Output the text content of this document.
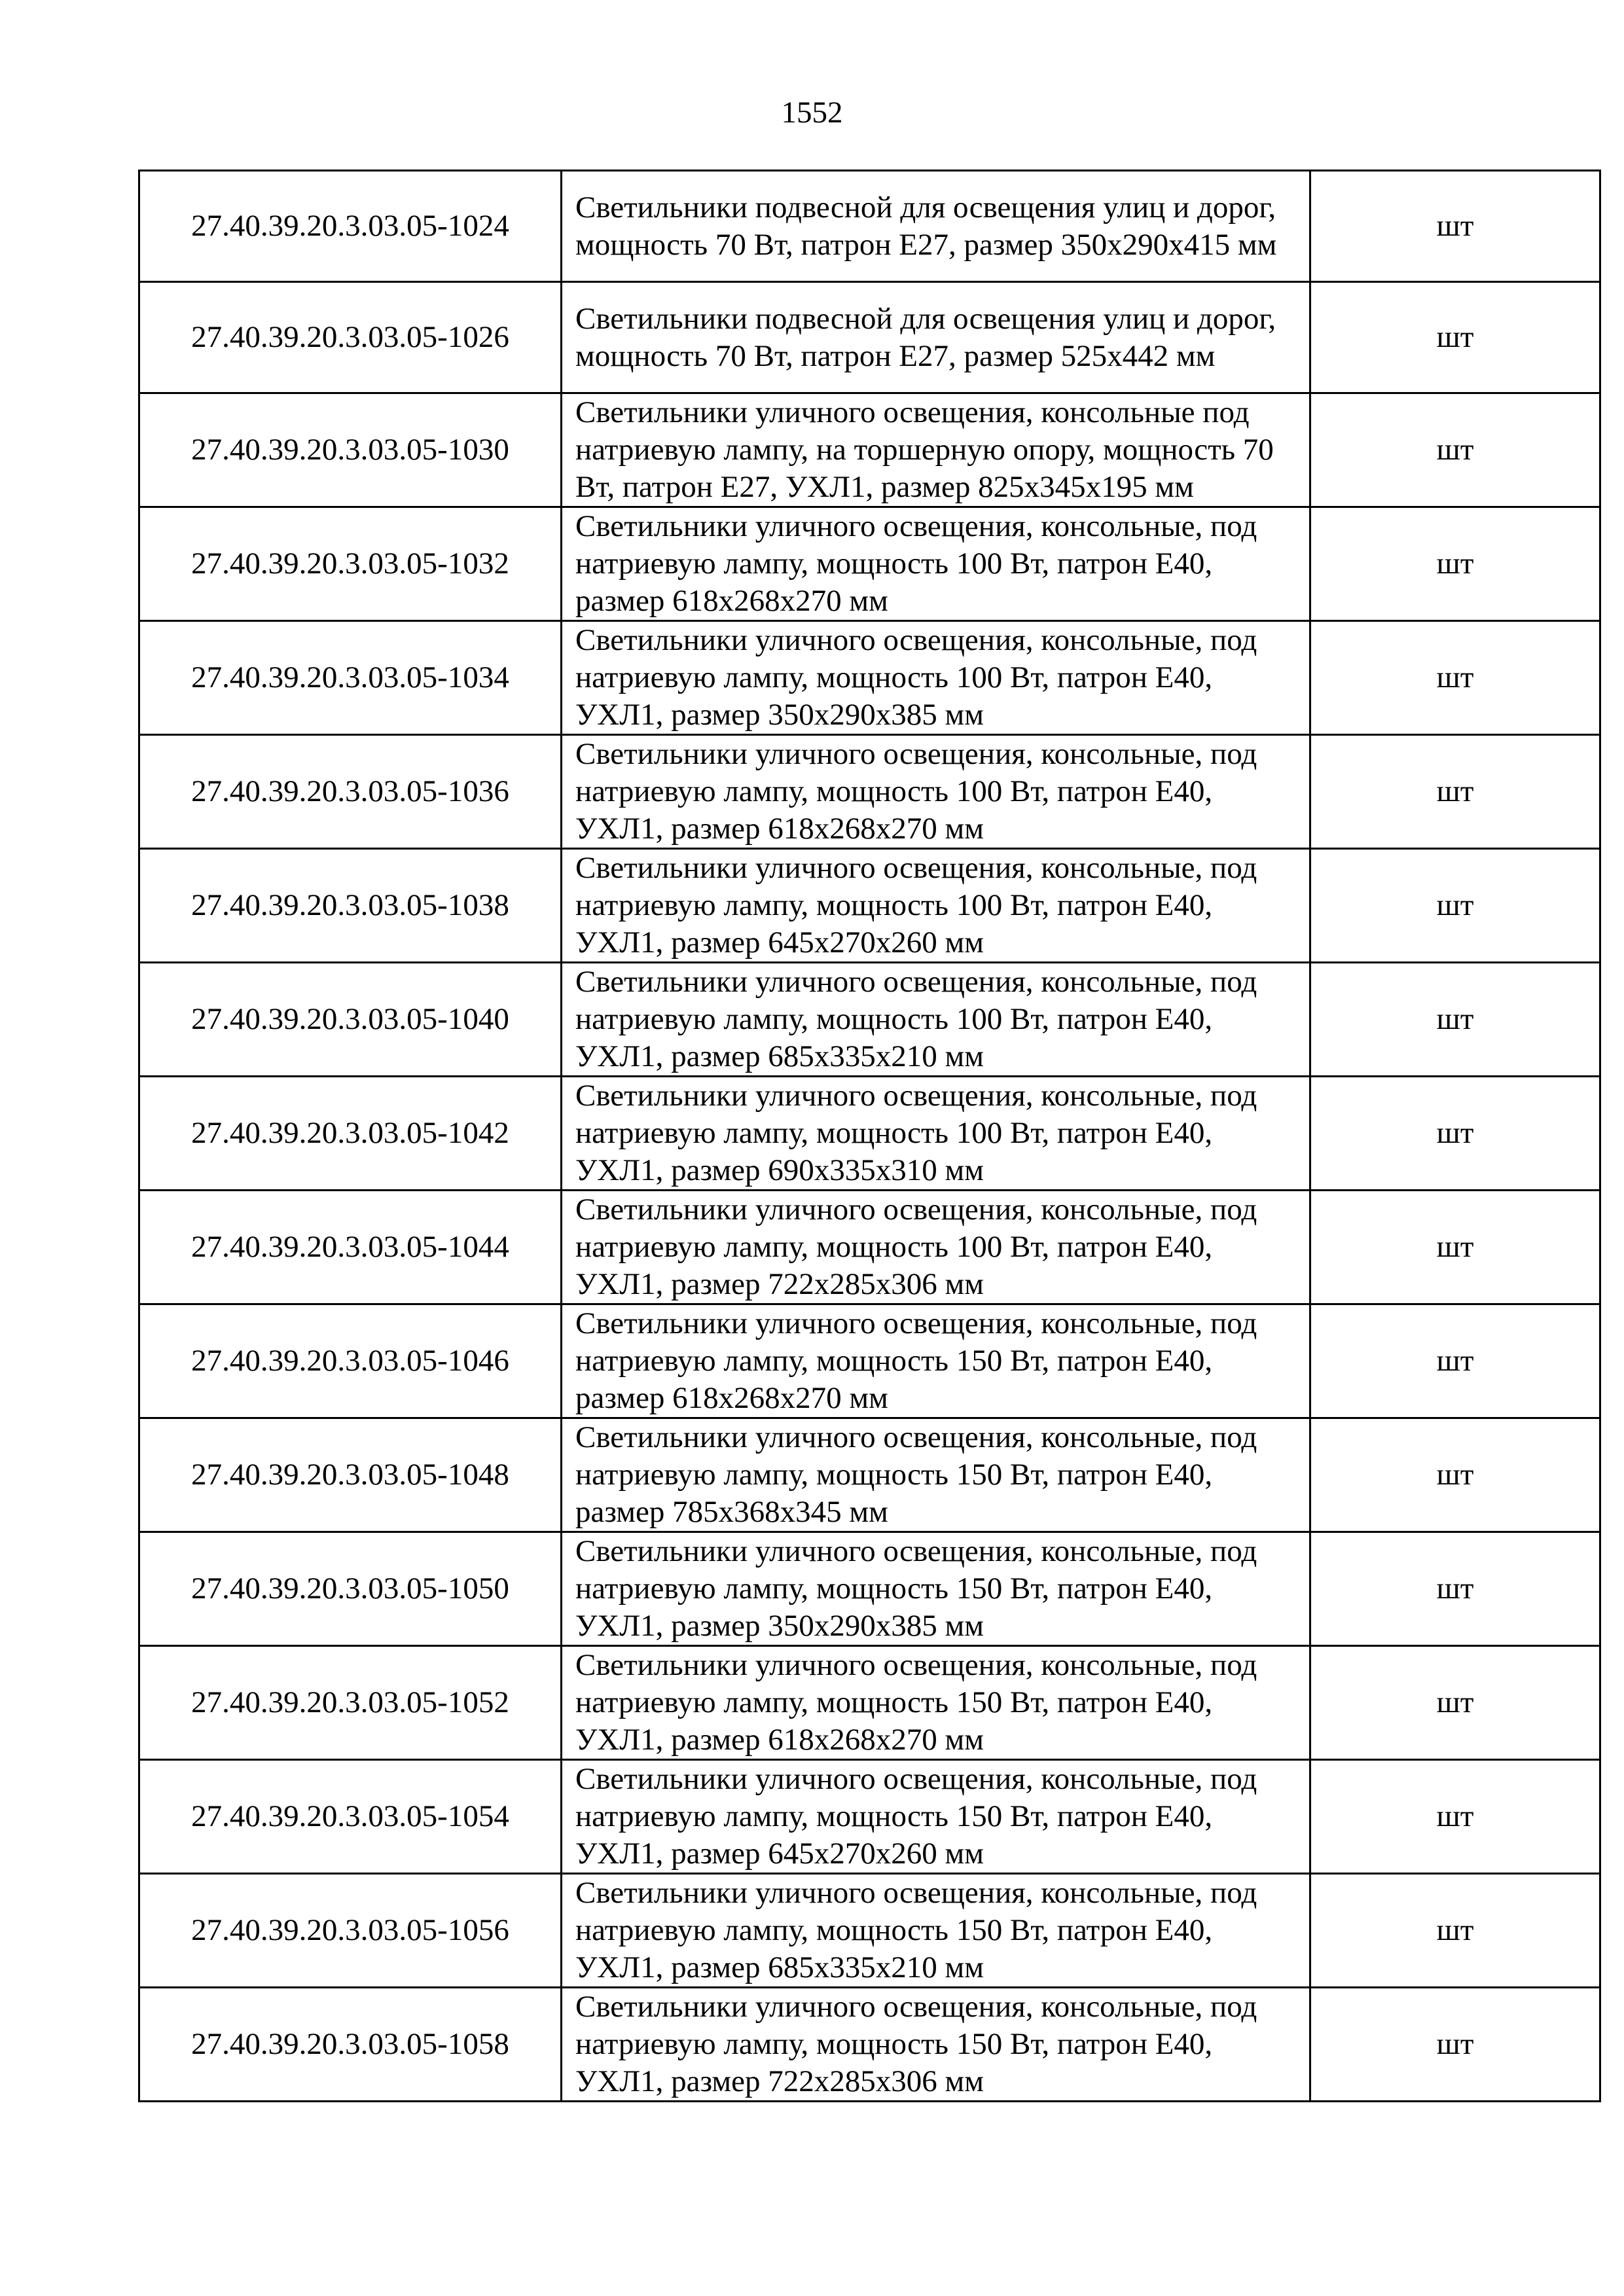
1552
27.40.39.20.3.03.05-1024	Светильники подвесной для освещения улиц и дорог, мощность 70 Вт, патрон Е27, размер 350х290х415 мм	шт
27.40.39.20.3.03.05-1026	Светильники подвесной для освещения улиц и дорог, мощность 70 Вт, патрон Е27, размер 525х442 мм	шт
27.40.39.20.3.03.05-1030	Светильники уличного освещения, консольные под натриевую лампу, на торшерную опору, мощность 70 Вт, патрон Е27, УХЛ1, размер 825х345х195 мм	шт
27.40.39.20.3.03.05-1032	Светильники уличного освещения, консольные, под натриевую лампу, мощность 100 Вт, патрон Е40, размер 618х268х270 мм	шт
27.40.39.20.3.03.05-1034	Светильники уличного освещения, консольные, под натриевую лампу, мощность 100 Вт, патрон Е40, УХЛ1, размер 350х290х385 мм	шт
27.40.39.20.3.03.05-1036	Светильники уличного освещения, консольные, под натриевую лампу, мощность 100 Вт, патрон Е40, УХЛ1, размер 618х268х270 мм	шт
27.40.39.20.3.03.05-1038	Светильники уличного освещения, консольные, под натриевую лампу, мощность 100 Вт, патрон Е40, УХЛ1, размер 645х270х260 мм	шт
27.40.39.20.3.03.05-1040	Светильники уличного освещения, консольные, под натриевую лампу, мощность 100 Вт, патрон Е40, УХЛ1, размер 685х335х210 мм	шт
27.40.39.20.3.03.05-1042	Светильники уличного освещения, консольные, под натриевую лампу, мощность 100 Вт, патрон Е40, УХЛ1, размер 690х335х310 мм	шт
27.40.39.20.3.03.05-1044	Светильники уличного освещения, консольные, под натриевую лампу, мощность 100 Вт, патрон Е40, УХЛ1, размер 722х285х306 мм	шт
27.40.39.20.3.03.05-1046	Светильники уличного освещения, консольные, под натриевую лампу, мощность 150 Вт, патрон Е40, размер 618х268х270 мм	шт
27.40.39.20.3.03.05-1048	Светильники уличного освещения, консольные, под натриевую лампу, мощность 150 Вт, патрон Е40, размер 785х368х345 мм	шт
27.40.39.20.3.03.05-1050	Светильники уличного освещения, консольные, под натриевую лампу, мощность 150 Вт, патрон Е40, УХЛ1, размер 350х290х385 мм	шт
27.40.39.20.3.03.05-1052	Светильники уличного освещения, консольные, под натриевую лампу, мощность 150 Вт, патрон Е40, УХЛ1, размер 618х268х270 мм	шт
27.40.39.20.3.03.05-1054	Светильники уличного освещения, консольные, под натриевую лампу, мощность 150 Вт, патрон Е40, УХЛ1, размер 645х270х260 мм	шт
27.40.39.20.3.03.05-1056	Светильники уличного освещения, консольные, под натриевую лампу, мощность 150 Вт, патрон Е40, УХЛ1, размер 685х335х210 мм	шт
27.40.39.20.3.03.05-1058	Светильники уличного освещения, консольные, под натриевую лампу, мощность 150 Вт, патрон Е40, УХЛ1, размер 722х285х306 мм	шт
